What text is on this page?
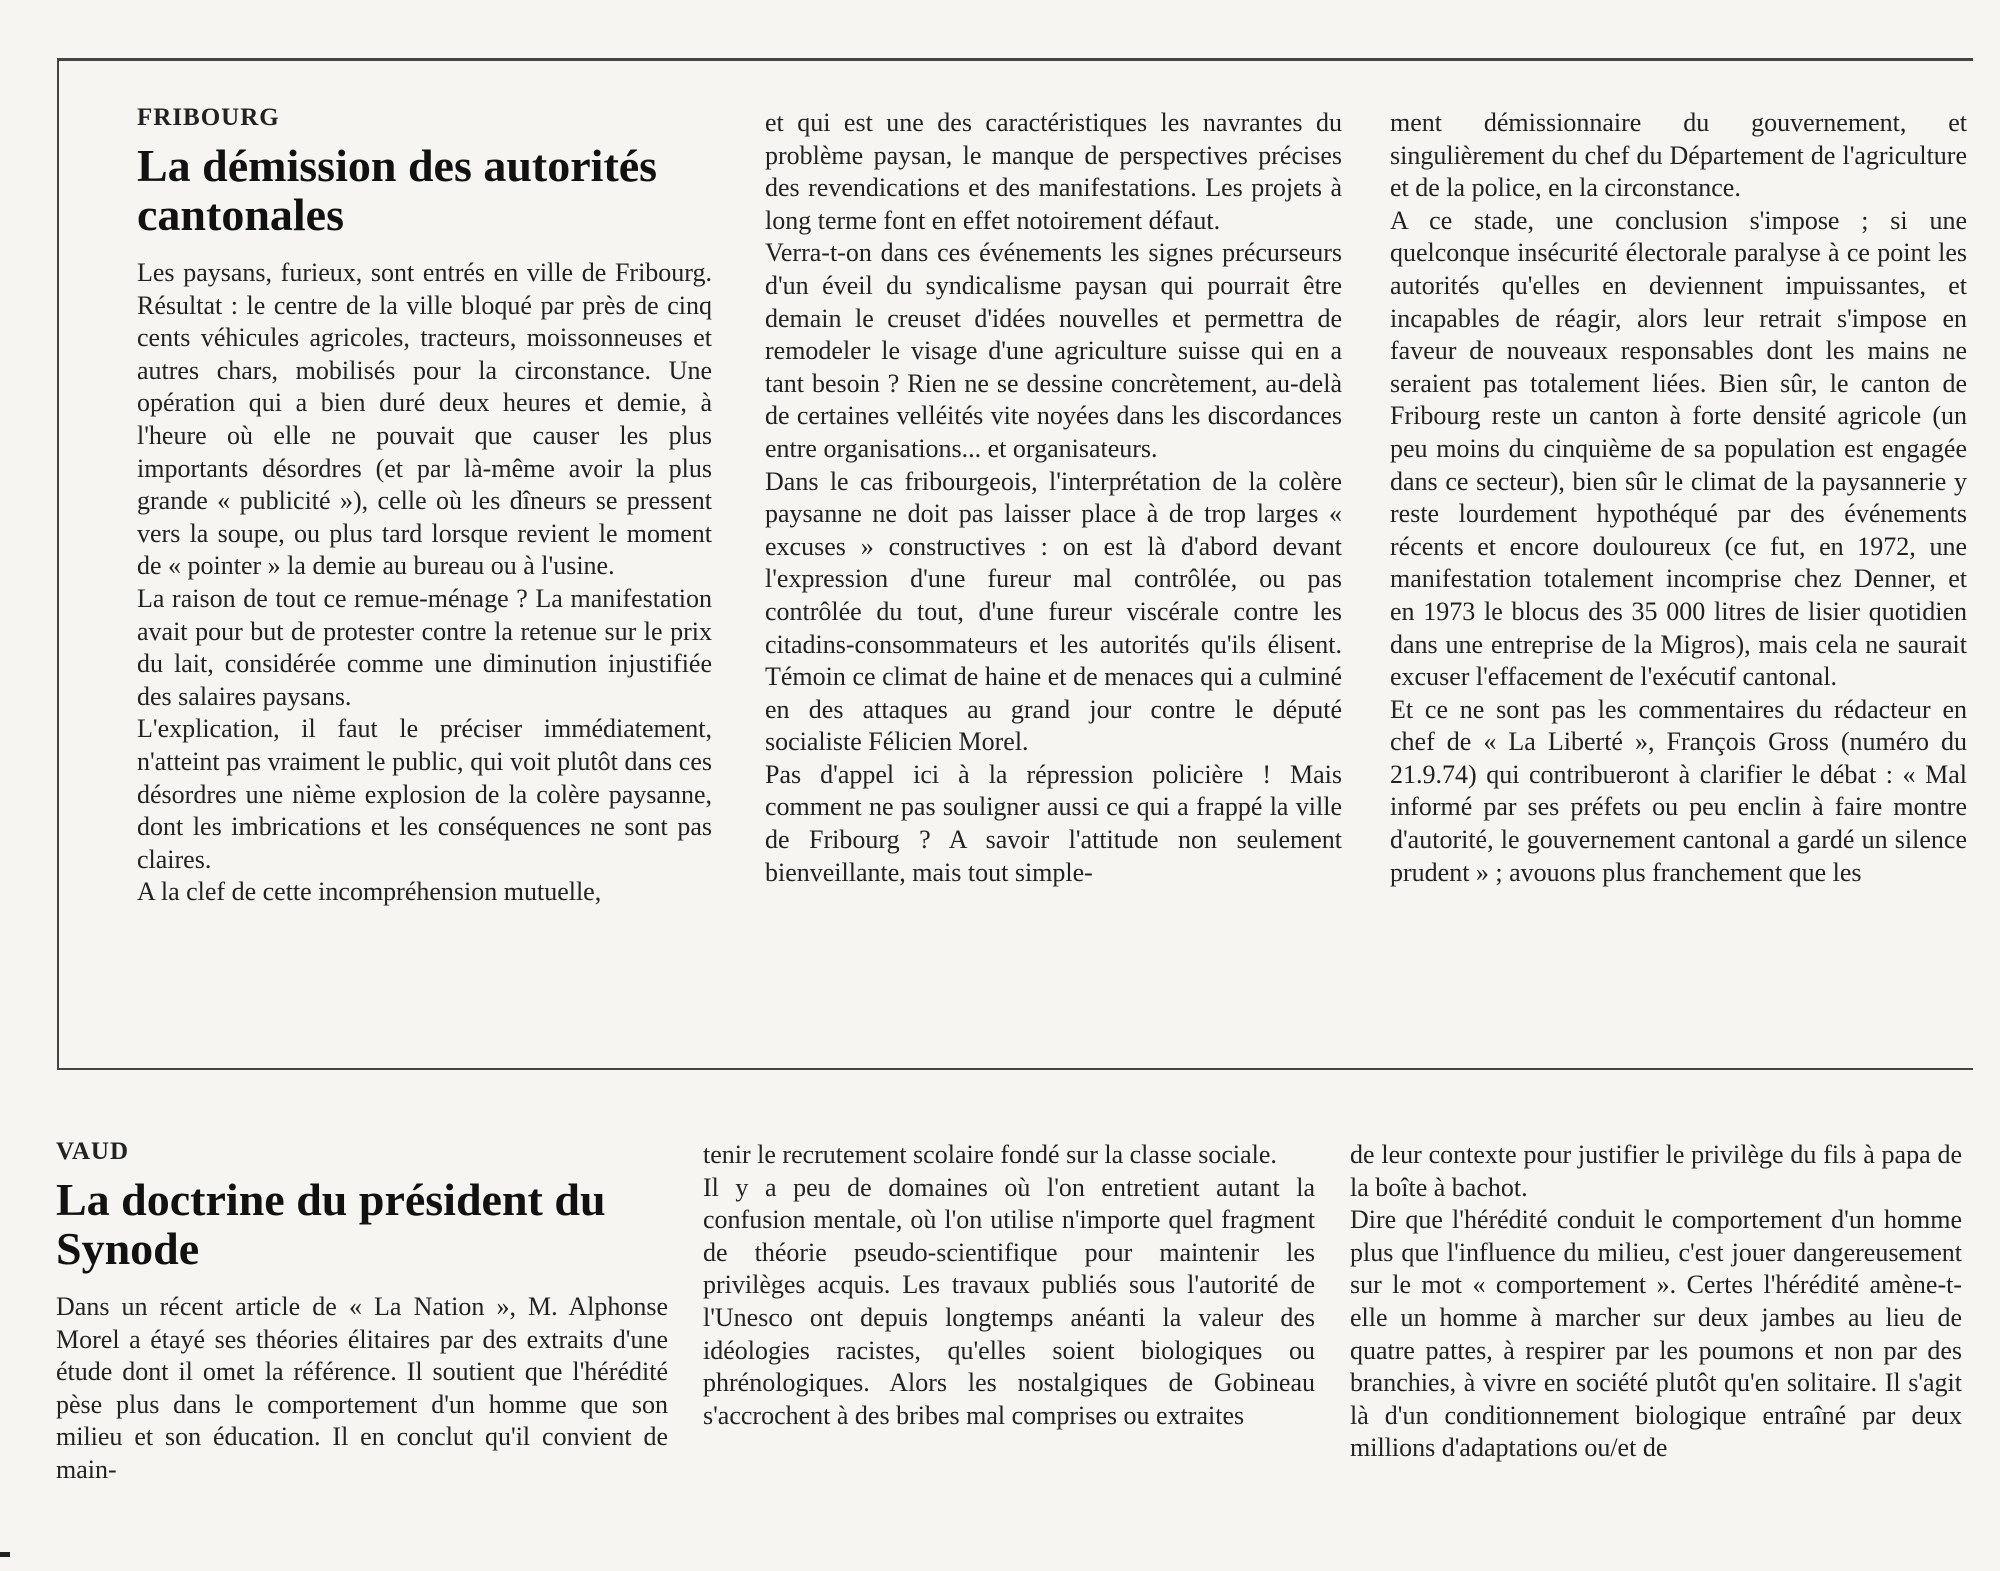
FRIBOURG
La démission des autorités cantonales

Les paysans, furieux, sont entrés en ville de Fribourg. Résultat : le centre de la ville bloqué par près de cinq cents véhicules agricoles, tracteurs, moissonneuses et autres chars, mobilisés pour la circonstance. Une opération qui a bien duré deux heures et demie, à l'heure où elle ne pouvait que causer les plus importants désordres (et par là-même avoir la plus grande « publicité »), celle où les dîneurs se pressent vers la soupe, ou plus tard lorsque revient le moment de « pointer » la demie au bureau ou à l'usine.

La raison de tout ce remue-ménage ? La manifestation avait pour but de protester contre la retenue sur le prix du lait, considérée comme une diminution injustifiée des salaires paysans.

L'explication, il faut le préciser immédiatement, n'atteint pas vraiment le public, qui voit plutôt dans ces désordres une nième explosion de la colère paysanne, dont les imbrications et les conséquences ne sont pas claires.

A la clef de cette incompréhension mutuelle,

et qui est une des caractéristiques les navrantes du problème paysan, le manque de perspectives précises des revendications et des manifestations. Les projets à long terme font en effet notoirement défaut.

Verra-t-on dans ces événements les signes précurseurs d'un éveil du syndicalisme paysan qui pourrait être demain le creuset d'idées nouvelles et permettra de remodeler le visage d'une agriculture suisse qui en a tant besoin ? Rien ne se dessine concrètement, au-delà de certaines velléités vite noyées dans les discordances entre organisations... et organisateurs.

Dans le cas fribourgeois, l'interprétation de la colère paysanne ne doit pas laisser place à de trop larges « excuses » constructives : on est là d'abord devant l'expression d'une fureur mal contrôlée, ou pas contrôlée du tout, d'une fureur viscérale contre les citadins-consommateurs et les autorités qu'ils élisent. Témoin ce climat de haine et de menaces qui a culminé en des attaques au grand jour contre le député socialiste Félicien Morel.

Pas d'appel ici à la répression policière ! Mais comment ne pas souligner aussi ce qui a frappé la ville de Fribourg ? A savoir l'attitude non seulement bienveillante, mais tout simple-

ment démissionnaire du gouvernement, et singulièrement du chef du Département de l'agriculture et de la police, en la circonstance.

A ce stade, une conclusion s'impose ; si une quelconque insécurité électorale paralyse à ce point les autorités qu'elles en deviennent impuissantes, et incapables de réagir, alors leur retrait s'impose en faveur de nouveaux responsables dont les mains ne seraient pas totalement liées. Bien sûr, le canton de Fribourg reste un canton à forte densité agricole (un peu moins du cinquième de sa population est engagée dans ce secteur), bien sûr le climat de la paysannerie y reste lourdement hypothéqué par des événements récents et encore douloureux (ce fut, en 1972, une manifestation totalement incomprise chez Denner, et en 1973 le blocus des 35 000 litres de lisier quotidien dans une entreprise de la Migros), mais cela ne saurait excuser l'effacement de l'exécutif cantonal.

Et ce ne sont pas les commentaires du rédacteur en chef de « La Liberté », François Gross (numéro du 21.9.74) qui contribueront à clarifier le débat : « Mal informé par ses préfets ou peu enclin à faire montre d'autorité, le gouvernement cantonal a gardé un silence prudent » ; avouons plus franchement que les

VAUD
La doctrine du président du Synode

Dans un récent article de « La Nation », M. Alphonse Morel a étayé ses théories élitaires par des extraits d'une étude dont il omet la référence. Il soutient que l'hérédité pèse plus dans le comportement d'un homme que son milieu et son éducation. Il en conclut qu'il convient de main-

tenir le recrutement scolaire fondé sur la classe sociale.

Il y a peu de domaines où l'on entretient autant la confusion mentale, où l'on utilise n'importe quel fragment de théorie pseudo-scientifique pour maintenir les privilèges acquis. Les travaux publiés sous l'autorité de l'Unesco ont depuis longtemps anéanti la valeur des idéologies racistes, qu'elles soient biologiques ou phrénologiques. Alors les nostalgiques de Gobineau s'accrochent à des bribes mal comprises ou extraites

de leur contexte pour justifier le privilège du fils à papa de la boîte à bachot.

Dire que l'hérédité conduit le comportement d'un homme plus que l'influence du milieu, c'est jouer dangereusement sur le mot « comportement ». Certes l'hérédité amène-t-elle un homme à marcher sur deux jambes au lieu de quatre pattes, à respirer par les poumons et non par des branchies, à vivre en société plutôt qu'en solitaire. Il s'agit là d'un conditionnement biologique entraîné par deux millions d'adaptations ou/et de
